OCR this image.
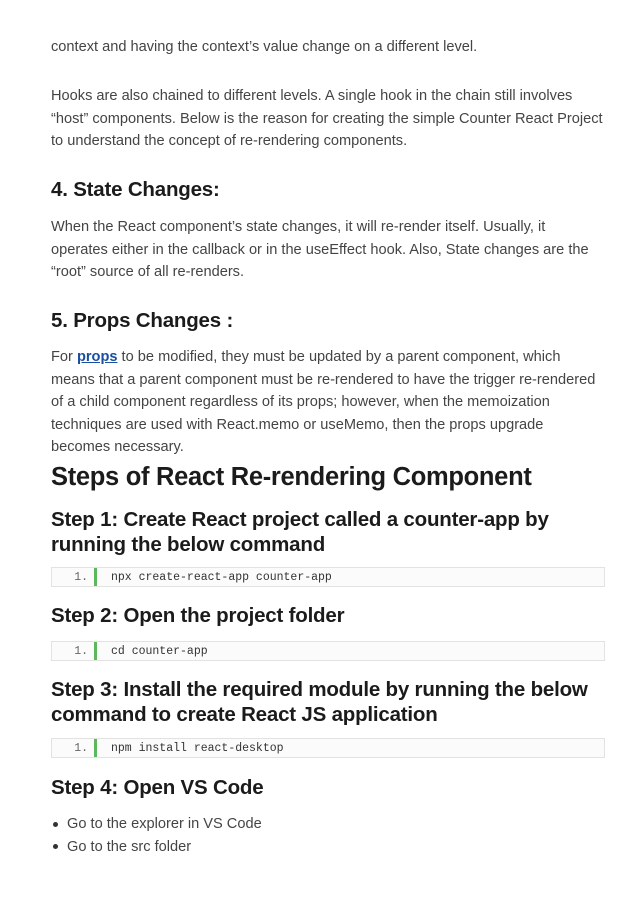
context and having the context’s value change on a different level.

Hooks are also chained to different levels. A single hook in the chain still involves “host” components. Below is the reason for creating the simple Counter React Project to understand the concept of re-rendering components.

4. State Changes:

When the React component’s state changes, it will re-render itself. Usually, it operates either in the callback or in the useEffect hook. Also, State changes are the “root” source of all re-renders.

5. Props Changes :

For props to be modified, they must be updated by a parent component, which means that a parent component must be re-rendered to have the trigger re-rendered of a child component regardless of its props; however, when the memoization techniques are used with React.memo or useMemo, then the props upgrade becomes necessary.

Steps of React Re-rendering Component
Step 1: Create React project called a counter-app by running the below command
1. npx create-react-app counter-app
Step 2: Open the project folder
1. cd counter-app
Step 3: Install the required module by running the below command to create React JS application
1. npm install react-desktop
Step 4: Open VS Code
Go to the explorer in VS Code
Go to the src folder
